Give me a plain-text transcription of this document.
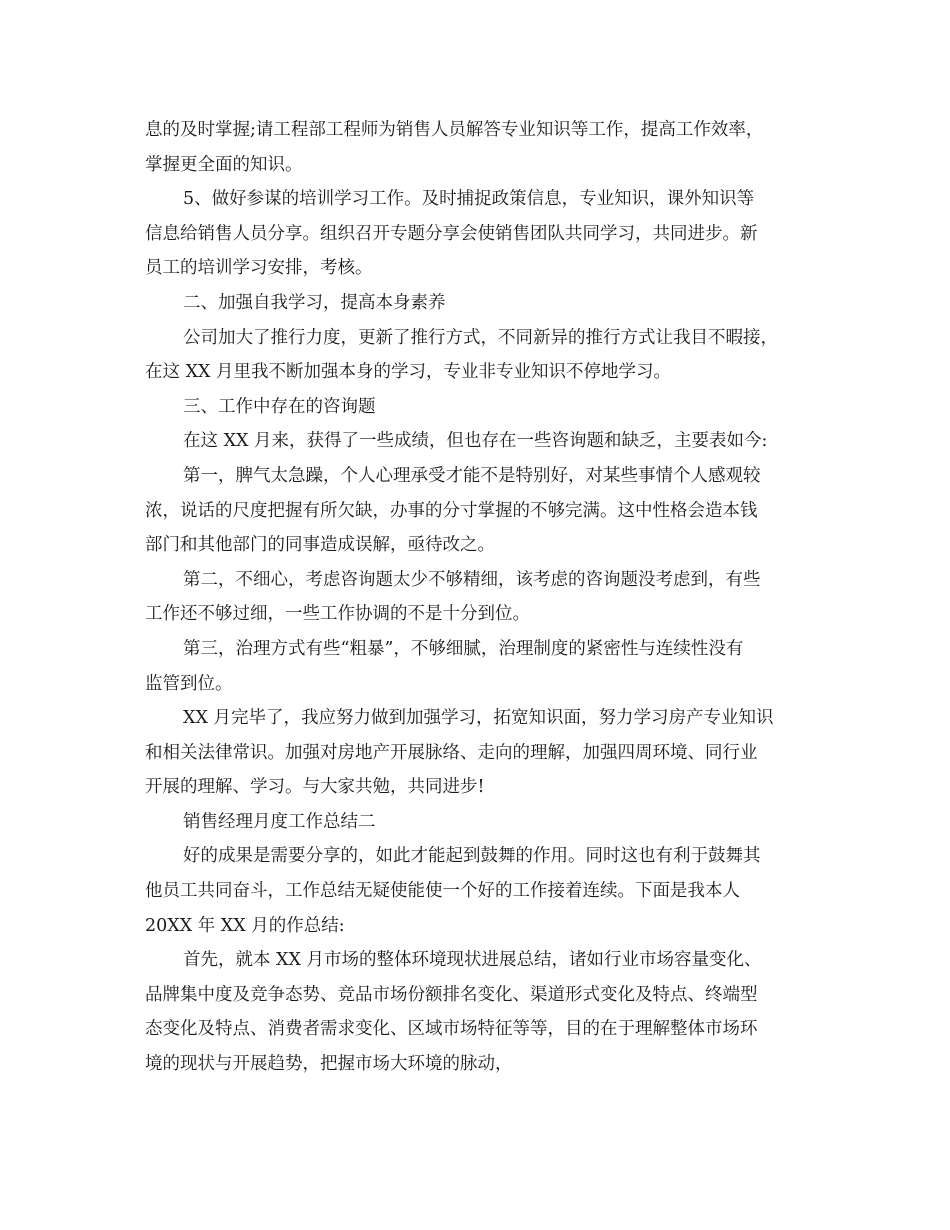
息的及时掌握;请工程部工程师为销售人员解答专业知识等工作，提高工作效率，
掌握更全面的知识。
5、做好参谋的培训学习工作。及时捕捉政策信息，专业知识，课外知识等
信息给销售人员分享。组织召开专题分享会使销售团队共同学习，共同进步。新
员工的培训学习安排，考核。
二、加强自我学习，提高本身素养
公司加大了推行力度，更新了推行方式，不同新异的推行方式让我目不暇接，
在这 XX 月里我不断加强本身的学习，专业非专业知识不停地学习。
三、工作中存在的咨询题
在这 XX 月来，获得了一些成绩，但也存在一些咨询题和缺乏，主要表如今:
第一，脾气太急躁，个人心理承受才能不是特别好，对某些事情个人感观较
浓，说话的尺度把握有所欠缺，办事的分寸掌握的不够完满。这中性格会造本钱
部门和其他部门的同事造成误解，亟待改之。
第二，不细心，考虑咨询题太少不够精细，该考虑的咨询题没考虑到，有些
工作还不够过细，一些工作协调的不是十分到位。
第三，治理方式有些“粗暴”，不够细腻，治理制度的紧密性与连续性没有
监管到位。
XX 月完毕了，我应努力做到加强学习，拓宽知识面，努力学习房产专业知识
和相关法律常识。加强对房地产开展脉络、走向的理解，加强四周环境、同行业
开展的理解、学习。与大家共勉，共同进步!
销售经理月度工作总结二
好的成果是需要分享的，如此才能起到鼓舞的作用。同时这也有利于鼓舞其
他员工共同奋斗，工作总结无疑使能使一个好的工作接着连续。下面是我本人
20XX 年 XX 月的作总结:
首先，就本 XX 月市场的整体环境现状进展总结，诸如行业市场容量变化、
品牌集中度及竞争态势、竞品市场份额排名变化、渠道形式变化及特点、终端型
态变化及特点、消费者需求变化、区域市场特征等等，目的在于理解整体市场环
境的现状与开展趋势，把握市场大环境的脉动，
